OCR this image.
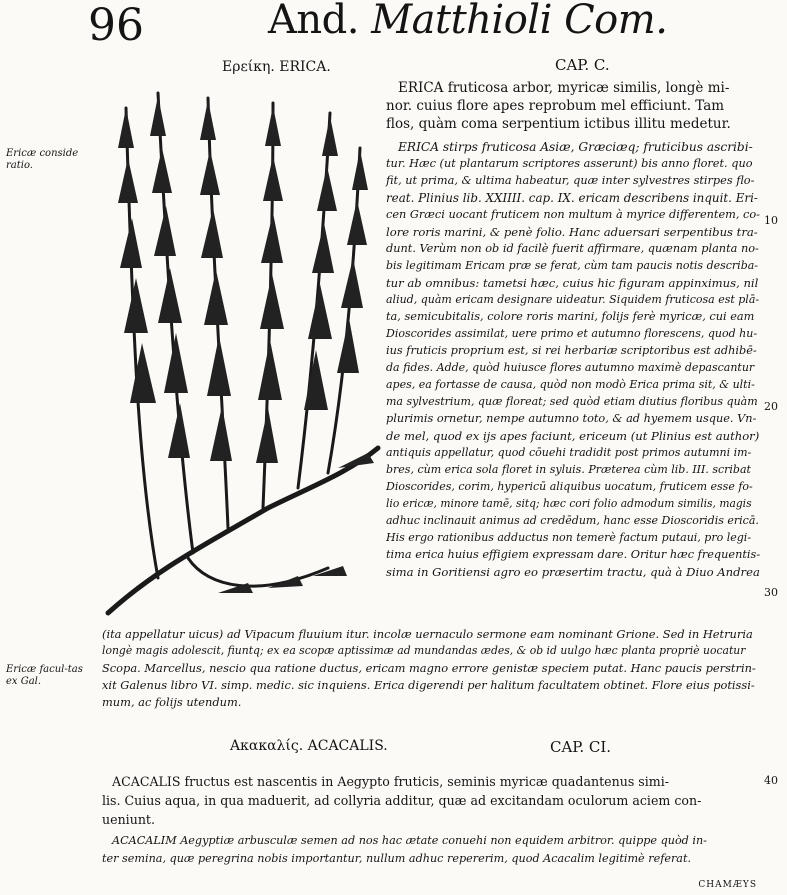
96	And. Matthioli Com.
Ερείκη. ERICA.	CAP. C.
Ericæ conside ratio.
Ericæ facul-tas ex Gal.
ERICA fruticosa arbor, myricæ similis, longè mi-
nor. cuius flore apes reprobum mel efficiunt. Tam
flos, quàm coma serpentium ictibus illitu medetur.
ERICA stirps fruticosa Asiæ, Græciæq; fruticibus ascribi-
tur. Hæc (ut plantarum scriptores asserunt) bis anno floret. quo
fit, ut prima, & ultima habeatur, quæ inter sylvestres stirpes flo-
reat. Plinius lib. XXIIII. cap. IX. ericam describens inquit. Eri-
cen Græci uocant fruticem non multum à myrice differentem, co-
lore roris marini, & penè folio. Hanc aduersari serpentibus tra-
dunt. Verùm non ob id facilè fuerit affirmare, quænam planta no-
bis legitimam Ericam præ se ferat, cùm tam paucis notis describa-
tur ab omnibus: tametsi hæc, cuius hic figuram appinximus, nil
aliud, quàm ericam designare uideatur. Siquidem fruticosa est plā-
ta, semicubitalis, colore roris marini, folijs ferè myricæ, cui eam
Dioscorides assimilat, uere primo et autumno florescens, quod hu-
ius fruticis proprium est, si rei herbariæ scriptoribus est adhibē-
da fides. Adde, quòd huiusce flores autumno maximè depascantur
apes, ea fortasse de causa, quòd non modò Erica prima sit, & ulti-
ma sylvestrium, quæ floreat; sed quòd etiam diutius floribus quàm
plurimis ornetur, nempe autumno toto, & ad hyemem usque. Vn-
de mel, quod ex ijs apes faciunt, ericeum (ut Plinius est author)
antiquis appellatur, quod cōuehi tradidit post primos autumni im-
bres, cùm erica sola floret in syluis. Præterea cùm lib. III. scribat
Dioscorides, corim, hypericū aliquibus uocatum, fruticem esse fo-
lio ericæ, minore tamē, sitq; hæc cori folio admodum similis, magis
adhuc inclinauit animus ad credēdum, hanc esse Dioscoridis ericā.
His ergo rationibus adductus non temerè factum putaui, pro legi-
tima erica huius effigiem expressam dare. Oritur hæc frequentis-
sima in Goritiensi agro eo præsertim tractu, quà à Diuo Andrea
(ita appellatur uicus) ad Vipacum fluuium itur. incolæ uernaculo sermone eam nominant Grione. Sed in Hetruria
longè magis adolescit, fiuntq; ex ea scopæ aptissimæ ad mundandas ædes, & ob id uulgo hæc planta propriè uocatur
Scopa. Marcellus, nescio qua ratione ductus, ericam magno errore genistæ speciem putat. Hanc paucis perstrin-
xit Galenus libro VI. simp. medic. sic inquiens. Erica digerendi per halitum facultatem obtinet. Flore eius potissi-
mum, ac folijs utendum.
10
20
30
40
Ακακαλίς. ACACALIS.	CAP. CI.
ACACALIS fructus est nascentis in Aegypto fruticis, seminis myricæ quadantenus simi-
lis. Cuius aqua, in qua maduerit, ad collyria additur, quæ ad excitandam oculorum aciem con-
ueniunt.
ACACALIM Aegyptiæ arbusculæ semen ad nos hac ætate conuehi non equidem arbitror. quippe quòd in-
ter semina, quæ peregrina nobis importantur, nullum adhuc repererim, quod Acacalim legitimè referat.
CHAMÆYS
